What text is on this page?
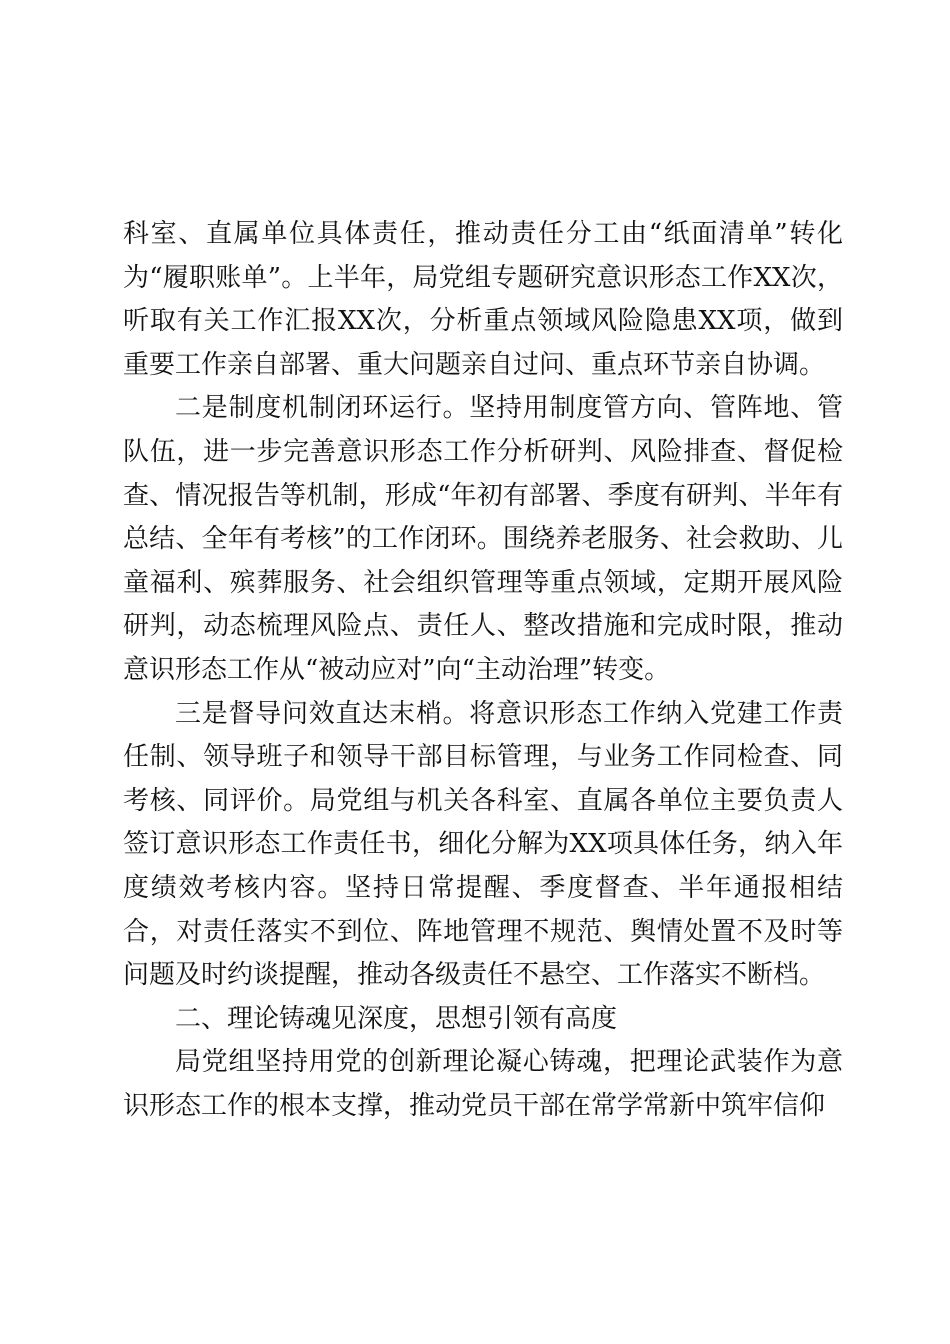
科室、直属单位具体责任，推动责任分工由“纸面清单”转化为“履职账单”。上半年，局党组专题研究意识形态工作XX次，听取有关工作汇报XX次，分析重点领域风险隐患XX项，做到重要工作亲自部署、重大问题亲自过问、重点环节亲自协调。

二是制度机制闭环运行。坚持用制度管方向、管阵地、管队伍，进一步完善意识形态工作分析研判、风险排查、督促检查、情况报告等机制，形成“年初有部署、季度有研判、半年有总结、全年有考核”的工作闭环。围绕养老服务、社会救助、儿童福利、殡葬服务、社会组织管理等重点领域，定期开展风险研判，动态梳理风险点、责任人、整改措施和完成时限，推动意识形态工作从“被动应对”向“主动治理”转变。

三是督导问效直达末梢。将意识形态工作纳入党建工作责任制、领导班子和领导干部目标管理，与业务工作同检查、同考核、同评价。局党组与机关各科室、直属各单位主要负责人签订意识形态工作责任书，细化分解为XX项具体任务，纳入年度绩效考核内容。坚持日常提醒、季度督查、半年通报相结合，对责任落实不到位、阵地管理不规范、舆情处置不及时等问题及时约谈提醒，推动各级责任不悬空、工作落实不断档。

二、理论铸魂见深度，思想引领有高度

局党组坚持用党的创新理论凝心铸魂，把理论武装作为意识形态工作的根本支撑，推动党员干部在常学常新中筑牢信仰
